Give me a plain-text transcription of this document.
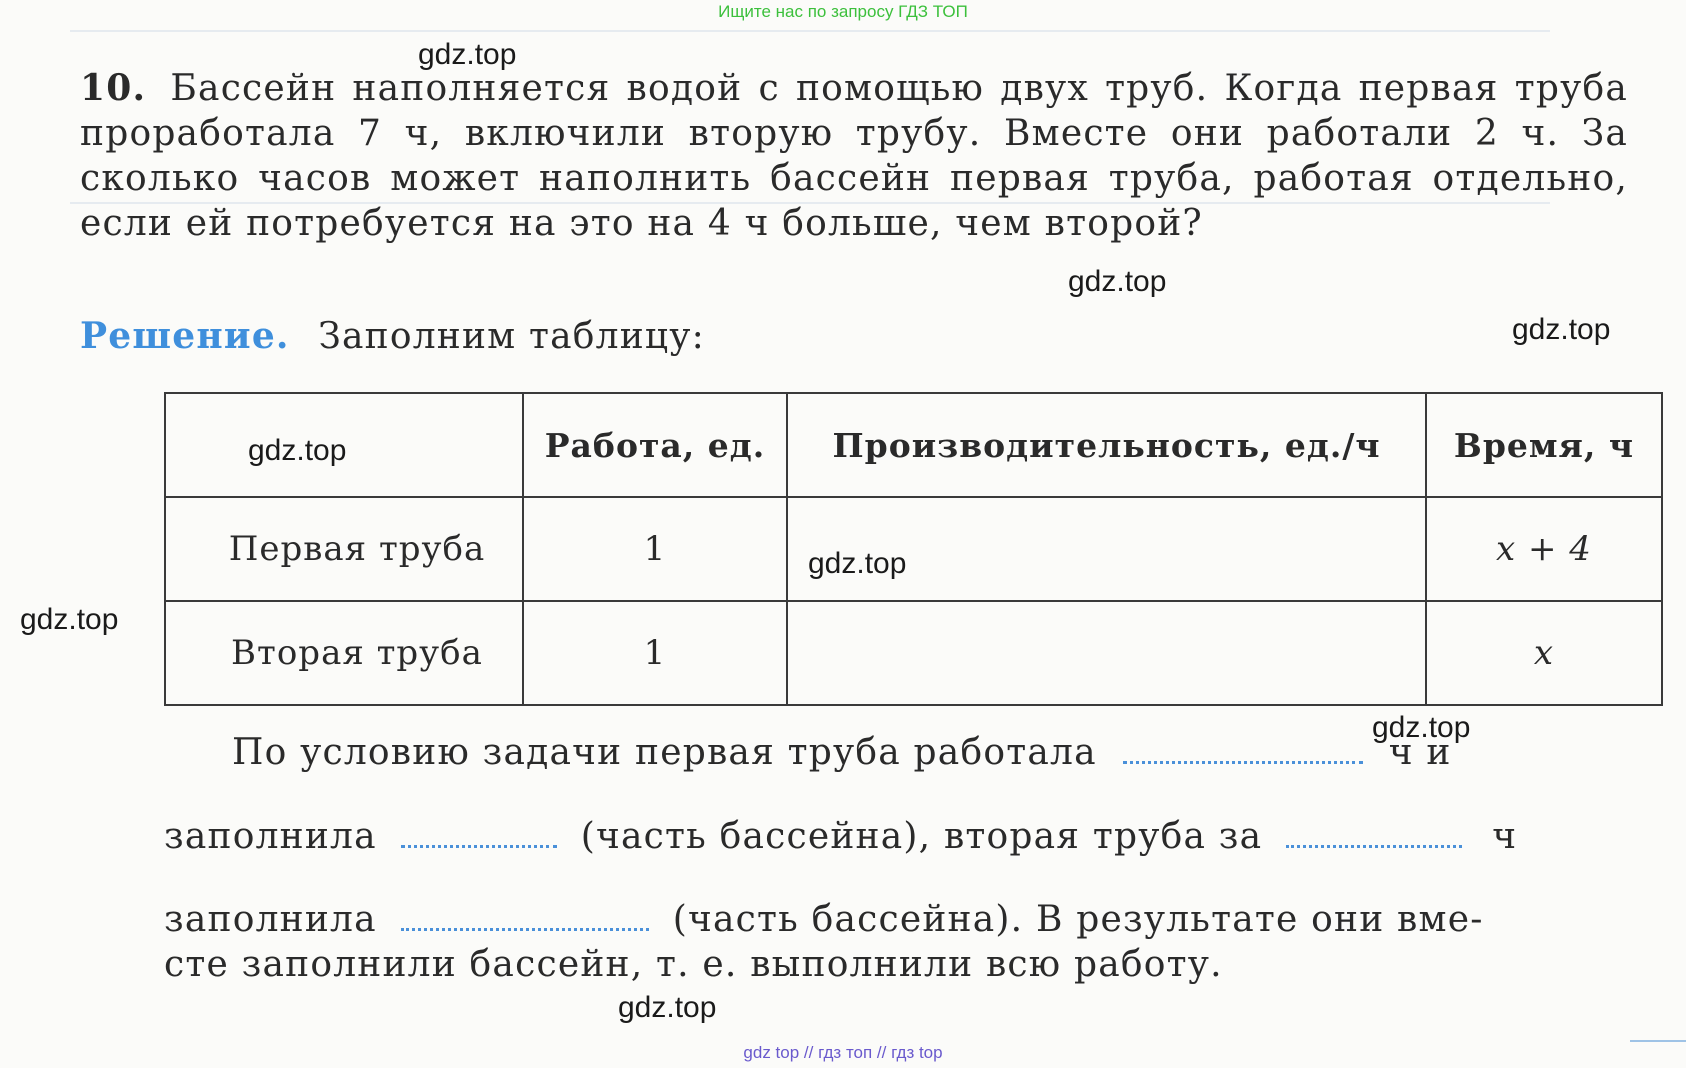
Ищите нас по запросу ГДЗ ТОП
10. Бассейн наполняется водой с помощью двух труб. Когда первая труба проработала 7 ч, включили вторую трубу. Вместе они работали 2 ч. За сколько часов может наполнить бассейн первая труба, работая отдельно, если ей потребуется на это на 4 ч больше, чем второй?
Решение. Заполним таблицу:
	Работа, ед.	Производительность, ед./ч	Время, ч
Первая труба	1		x + 4
Вторая труба	1		x
По условию задачи первая труба работала	ч и
заполнила	(часть бассейна), вторая труба за	ч
заполнила	(часть бассейна). В результате они вме-
сте заполнили бассейн, т. е. выполнили всю работу.
gdz.top
gdz.top
gdz.top
gdz.top
gdz.top
gdz.top
gdz.top
gdz.top
gdz top // гдз топ // гдз top
